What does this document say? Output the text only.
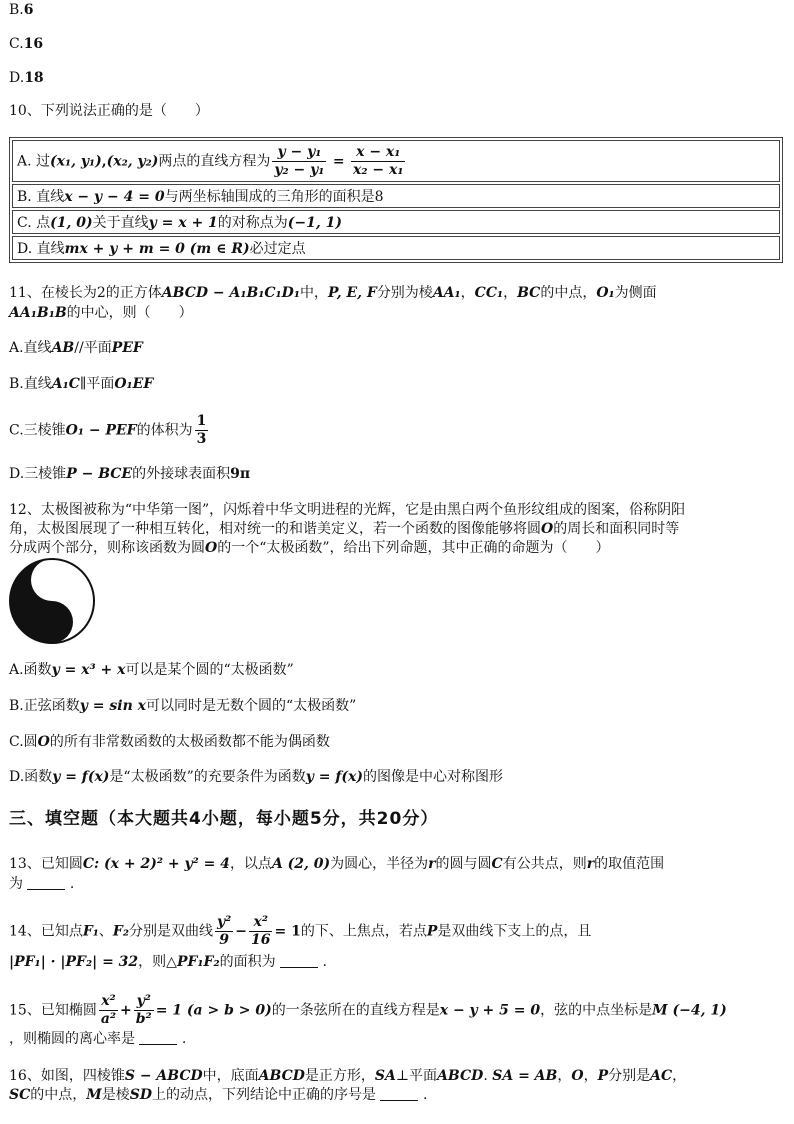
B.6
C.16
D.18
10、下列说法正确的是（　　）
A. 过(x₁, y₁),(x₂, y₂)两点的直线方程为 $\frac{\text{y − y₁}}{\text{y₂ − y₁}} = \frac{\text{x − x₁}}{\text{x₂ − x₁}}$

B. 直线x − y − 4 = 0与两坐标轴围成的三角形的面积是8
C. 点(1, 0)关于直线y = x + 1的对称点为(−1, 1)
D. 直线mx + y + m = 0 (m ∈ R)必过定点
11、在棱长为2的正方体ABCD − A₁B₁C₁D₁中，P, E, F分别为棱AA₁，CC₁，BC的中点，O₁为侧面
AA₁B₁B的中心，则（　　）
A.直线AB//平面PEF
B.直线A₁C∥平面O₁EF
C.三棱锥O₁ − PEF的体积为 $\frac{1}{3}$
D.三棱锥P − BCE的外接球表面积9π
12、太极图被称为“中华第一图”，闪烁着中华文明进程的光辉，它是由黑白两个鱼形纹组成的图案，俗称阴阳
角，太极图展现了一种相互转化，相对统一的和谐美定义，若一个函数的图像能够将圆O的周长和面积同时等
分成两个部分，则称该函数为圆O的一个“太极函数”，给出下列命题，其中正确的命题为（　　）
A.函数y = x³ + x可以是某个圆的“太极函数”
B.正弦函数y = sin x可以同时是无数个圆的“太极函数”
C.圆O的所有非常数函数的太极函数都不能为偶函数
D.函数y = f(x)是“太极函数”的充要条件为函数y = f(x)的图像是中心对称图形
三、填空题（本大题共4小题，每小题5分，共20分）
13、已知圆C: (x + 2)² + y² = 4，以点A (2, 0)为圆心，半径为r的圆与圆C有公共点，则r的取值范围
为	.
14、已知点F₁、F₂分别是双曲线 $\frac{\text{y²}}{9} - \frac{\text{x²}}{16} = 1$的下、上焦点，若点P是双曲线下支上的点，且
|PF₁| · |PF₂| = 32，则△PF₁F₂的面积为	.
15、已知椭圆 $\frac{\text{x²}}{\text{a²}} + \frac{\text{y²}}{\text{b²}} = 1$ (a > b > 0)的一条弦所在的直线方程是x − y + 5 = 0，弦的中点坐标是M (−4, 1)
，则椭圆的离心率是	.
16、如图，四棱锥S − ABCD中，底面ABCD是正方形，SA⊥平面ABCD. SA = AB，O，P分别是AC，
SC的中点，M是棱SD上的动点，下列结论中正确的序号是	.
